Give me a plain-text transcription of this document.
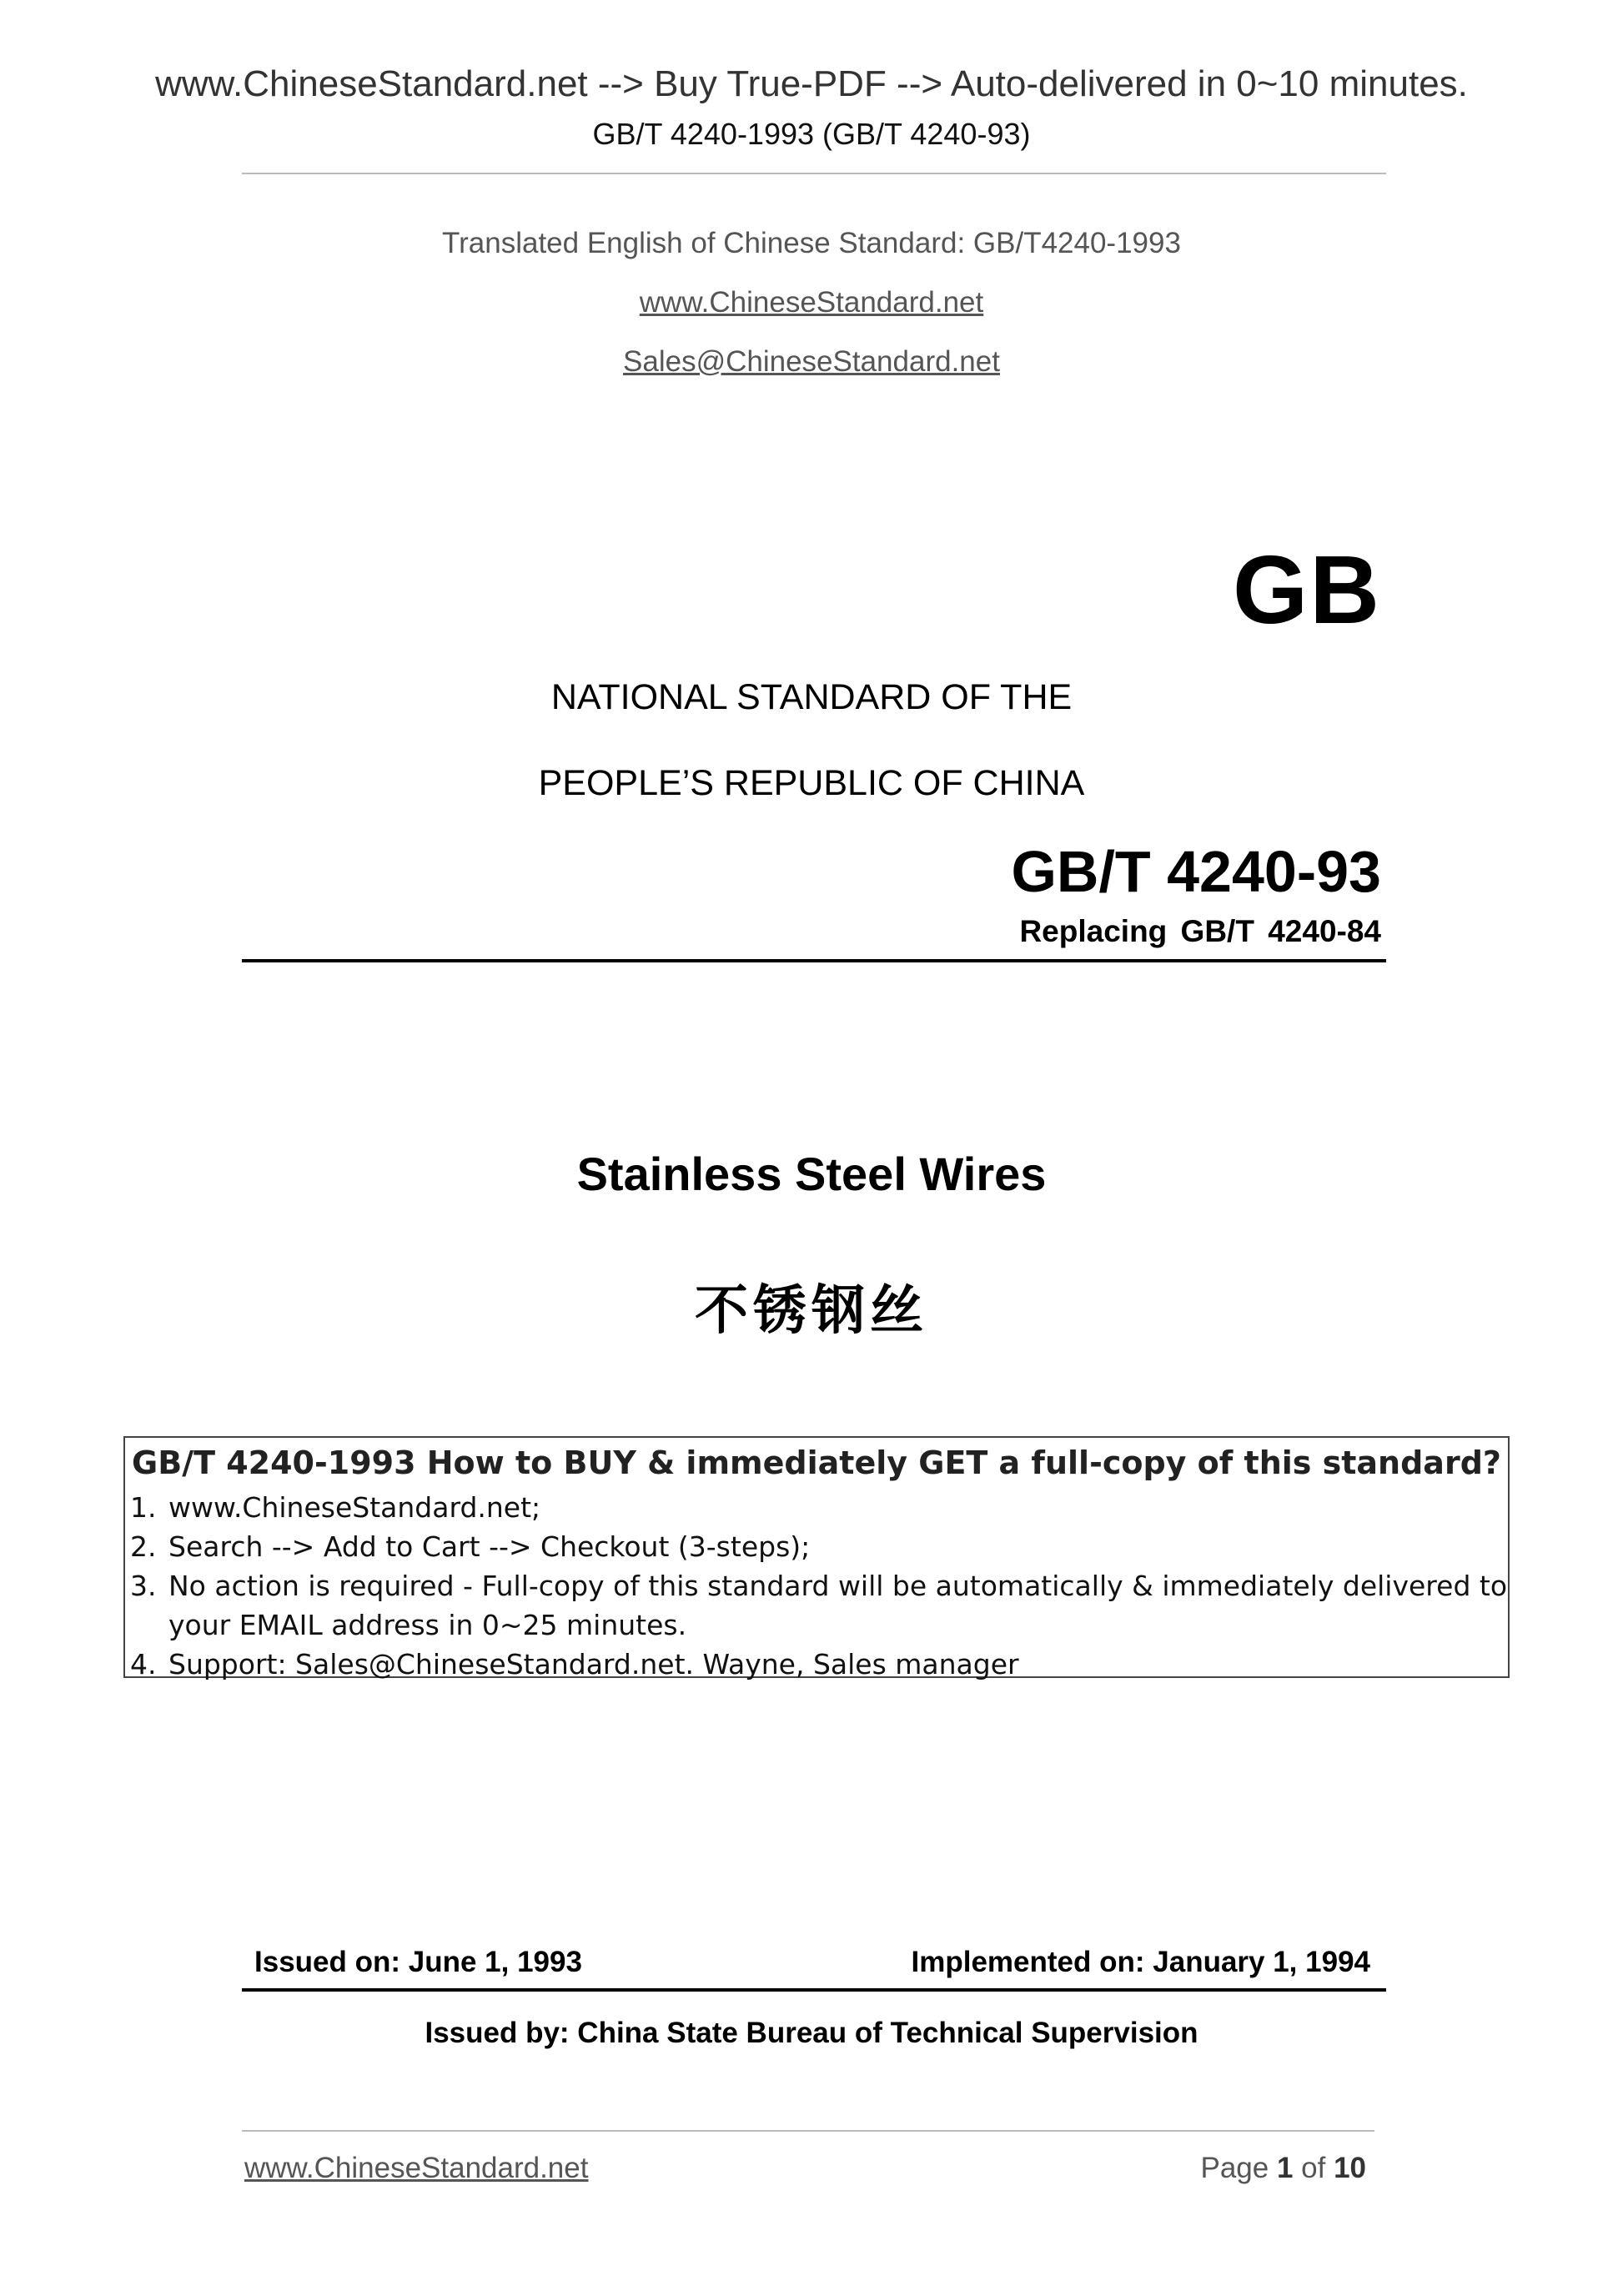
www.ChineseStandard.net --> Buy True-PDF --> Auto-delivered in 0~10 minutes.
GB/T 4240-1993 (GB/T 4240-93)
Translated English of Chinese Standard: GB/T4240-1993
www.ChineseStandard.net
Sales@ChineseStandard.net
GB
NATIONAL STANDARD OF THE
PEOPLE’S REPUBLIC OF CHINA
GB/T 4240-93
Replacing GB/T 4240-84
Stainless Steel Wires
不锈钢丝
GB/T 4240-1993 How to BUY & immediately GET a full-copy of this standard?
1. www.ChineseStandard.net;
2. Search --> Add to Cart --> Checkout (3-steps);
3. No action is required - Full-copy of this standard will be automatically & immediately delivered to your EMAIL address in 0~25 minutes.
4. Support: Sales@ChineseStandard.net. Wayne, Sales manager
Issued on: June 1, 1993	Implemented on: January 1, 1994
Issued by: China State Bureau of Technical Supervision
www.ChineseStandard.net	Page 1 of 10
